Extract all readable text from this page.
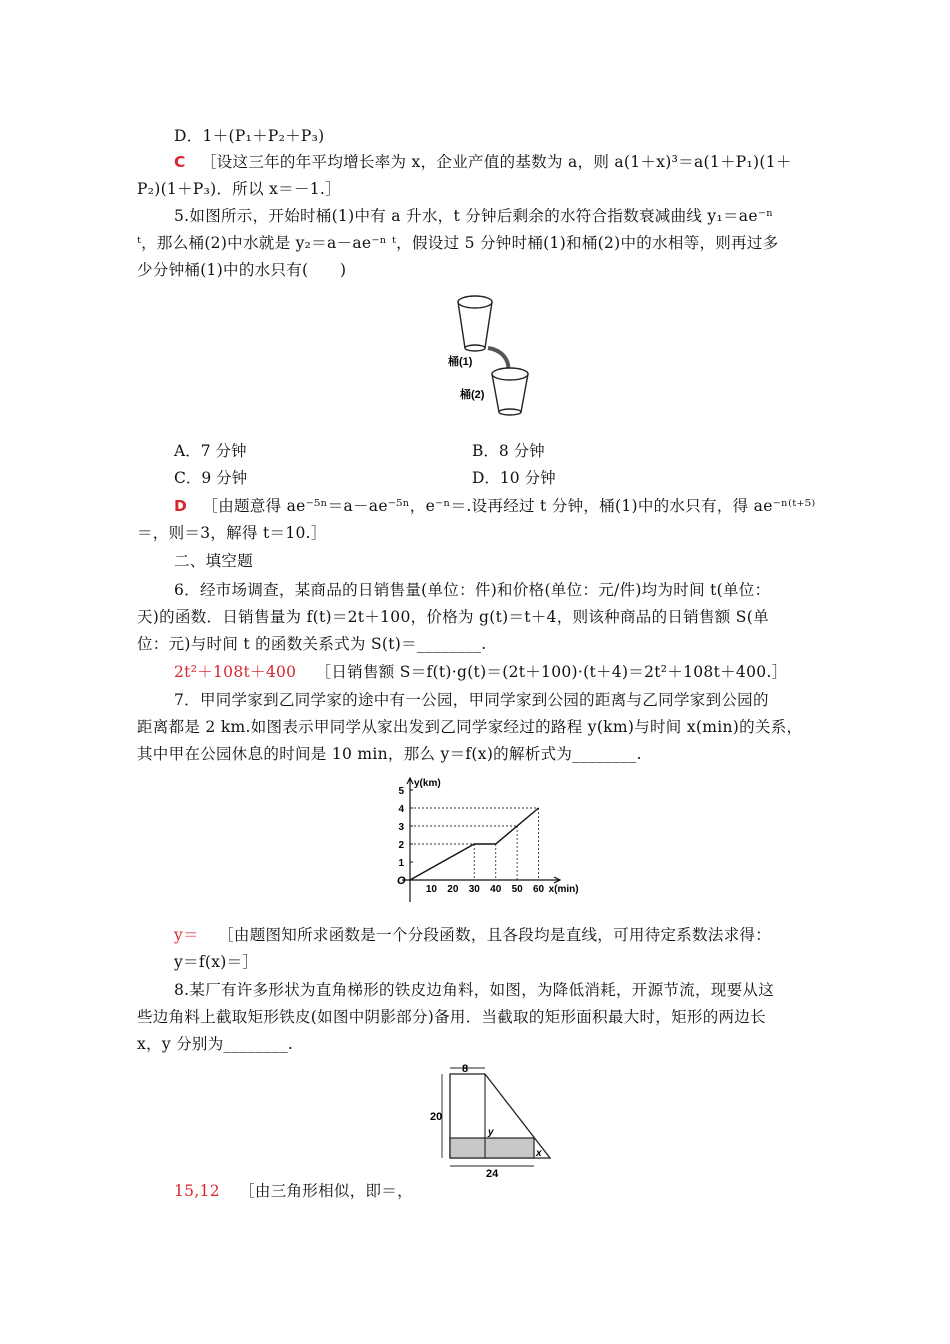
D．1＋(P₁＋P₂＋P₃)
C ［设这三年的年平均增长率为 x，企业产值的基数为 a，则 a(1＋x)³＝a(1＋P₁)(1＋
P₂)(1＋P₃)．所以 x＝－1.］
5.如图所示，开始时桶(1)中有 a 升水，t 分钟后剩余的水符合指数衰减曲线 y₁＝ae⁻ⁿ
ᵗ，那么桶(2)中水就是 y₂＝a－ae⁻ⁿ ᵗ，假设过 5 分钟时桶(1)和桶(2)中的水相等，则再过多
少分钟桶(1)中的水只有(　　)
桶(1)
桶(2)
A．7 分钟	B．8 分钟
C．9 分钟	D．10 分钟
D ［由题意得 ae⁻⁵ⁿ＝a－ae⁻⁵ⁿ，e⁻ⁿ＝.设再经过 t 分钟，桶(1)中的水只有，得 ae⁻ⁿ⁽ᵗ⁺⁵⁾
＝，则＝3，解得 t＝10.］
二、填空题
6．经市场调查，某商品的日销售量(单位：件)和价格(单位：元/件)均为时间 t(单位：
天)的函数．日销售量为 f(t)＝2t＋100，价格为 g(t)＝t＋4，则该种商品的日销售额 S(单
位：元)与时间 t 的函数关系式为 S(t)＝________.
2t²＋108t＋400 ［日销售额 S＝f(t)·g(t)＝(2t＋100)·(t＋4)＝2t²＋108t＋400.］
7．甲同学家到乙同学家的途中有一公园，甲同学家到公园的距离与乙同学家到公园的
距离都是 2 km.如图表示甲同学从家出发到乙同学家经过的路程 y(km)与时间 x(min)的关系，
其中甲在公园休息的时间是 10 min，那么 y＝f(x)的解析式为________.
10 20 30 40 50 60
1
2
3
4
5
y(km)
x(min)
O
y＝ ［由题图知所求函数是一个分段函数，且各段均是直线，可用待定系数法求得：
y＝f(x)＝］
8.某厂有许多形状为直角梯形的铁皮边角料，如图，为降低消耗，开源节流，现要从这
些边角料上截取矩形铁皮(如图中阴影部分)备用．当截取的矩形面积最大时，矩形的两边长
x，y 分别为________.
8
20
24
y
x
15,12 ［由三角形相似，即＝，
